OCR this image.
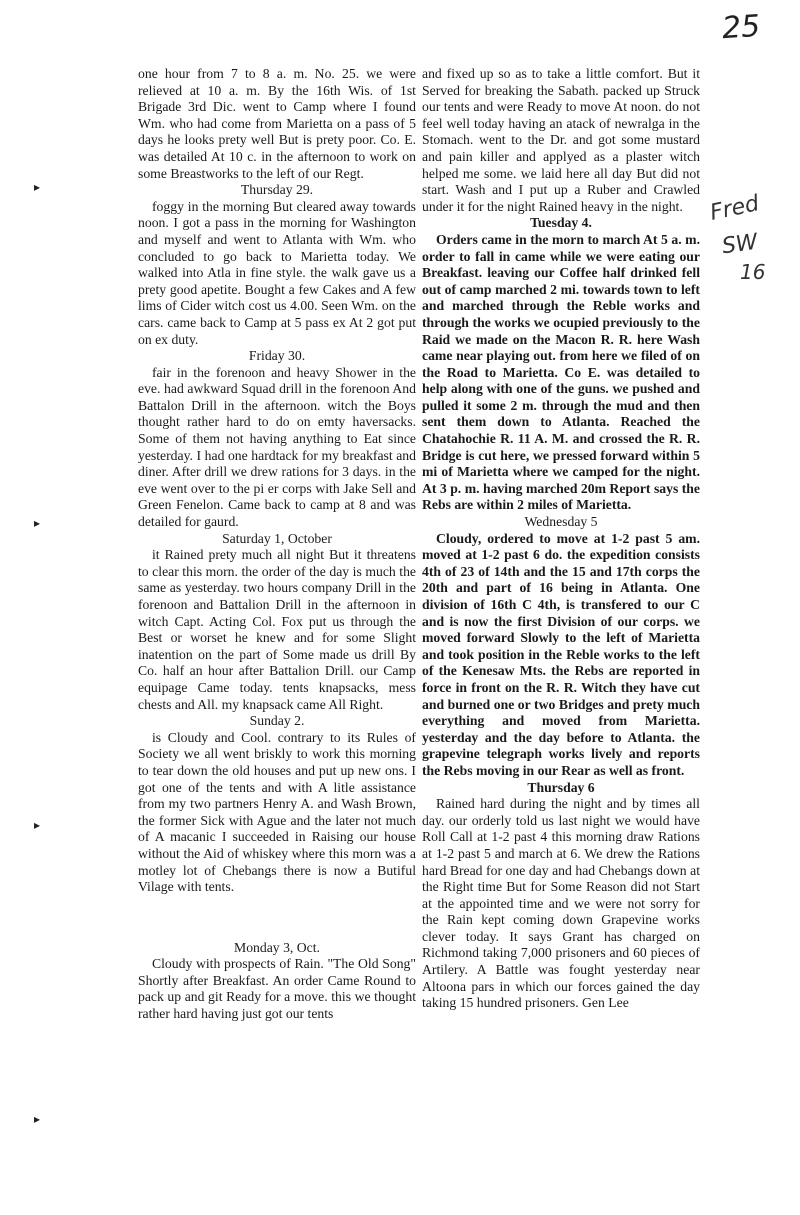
25
Fred
SW
16
▸
▸
▸
▸

one hour from 7 to 8 a. m. No. 25. we were relieved at 10 a. m. By the 16th Wis. of 1st Brigade 3rd Dic. went to Camp where I found Wm. who had come from Marietta on a pass of 5 days he looks prety well But is prety poor. Co. E. was detailed At 10 c. in the afternoon to work on some Breastworks to the left of our Regt.

Thursday 29.

foggy in the morning But cleared away towards noon. I got a pass in the morning for Washington and myself and went to Atlanta with Wm. who concluded to go back to Marietta today. We walked into Atla in fine style. the walk gave us a prety good apetite. Bought a few Cakes and A few lims of Cider witch cost us 4.00. Seen Wm. on the cars. came back to Camp at 5 pass ex At 2 got put on ex duty.

Friday 30.

fair in the forenoon and heavy Shower in the eve. had awkward Squad drill in the forenoon And Battalon Drill in the afternoon. witch the Boys thought rather hard to do on emty haversacks. Some of them not having anything to Eat since yesterday. I had one hardtack for my breakfast and diner. After drill we drew rations for 3 days. in the eve went over to the pi er corps with Jake Sell and Green Fenelon. Came back to camp at 8 and was detailed for gaurd.

Saturday 1, October

it Rained prety much all night But it threatens to clear this morn. the order of the day is much the same as yesterday. two hours company Drill in the forenoon and Battalion Drill in the afternoon in witch Capt. Acting Col. Fox put us through the Best or worset he knew and for some Slight inatention on the part of Some made us drill By Co. half an hour after Battalion Drill. our Camp equipage Came today. tents knapsacks, mess chests and All. my knapsack came All Right.

Sunday 2.

is Cloudy and Cool. contrary to its Rules of Society we all went briskly to work this morning to tear down the old houses and put up new ons. I got one of the tents and with A litle assistance from my two partners Henry A. and Wash Brown, the former Sick with Ague and the later not much of A macanic I succeeded in Raising our house without the Aid of whiskey where this morn was a motley lot of Chebangs there is now a Butiful Vilage with tents.

Monday 3, Oct.

Cloudy with prospects of Rain. "The Old Song" Shortly after Breakfast. An order Came Round to pack up and git Ready for a move. this we thought rather hard having just got our tents

and fixed up so as to take a little comfort. But it Served for breaking the Sabath. packed up Struck our tents and were Ready to move At noon. do not feel well today having an atack of newralga in the Stomach. went to the Dr. and got some mustard and pain killer and applyed as a plaster witch helped me some. we laid here all day But did not start. Wash and I put up a Ruber and Crawled under it for the night Rained heavy in the night.

Tuesday 4.

Orders came in the morn to march At 5 a. m. order to fall in came while we were eating our Breakfast. leaving our Coffee half drinked fell out of camp marched 2 mi. towards town to left and marched through the Reble works and through the works we ocupied previously to the Raid we made on the Macon R. R. here Wash came near playing out. from here we filed of on the Road to Marietta. Co E. was detailed to help along with one of the guns. we pushed and pulled it some 2 m. through the mud and then sent them down to Atlanta. Reached the Chatahochie R. 11 A. M. and crossed the R. R. Bridge is cut here, we pressed forward within 5 mi of Marietta where we camped for the night. At 3 p. m. having marched 20m Report says the Rebs are within 2 miles of Marietta.

Wednesday 5

Cloudy, ordered to move at 1-2 past 5 am. moved at 1-2 past 6 do. the expedition consists 4th of 23 of 14th and the 15 and 17th corps the 20th and part of 16 being in Atlanta. One division of 16th C 4th, is transfered to our C and is now the first Division of our corps. we moved forward Slowly to the left of Marietta and took position in the Reble works to the left of the Kenesaw Mts. the Rebs are reported in force in front on the R. R. Witch they have cut and burned one or two Bridges and prety much everything and moved from Marietta. yesterday and the day before to Atlanta. the grapevine telegraph works lively and reports the Rebs moving in our Rear as well as front.

Thursday 6

Rained hard during the night and by times all day. our orderly told us last night we would have Roll Call at 1-2 past 4 this morning draw Rations at 1-2 past 5 and march at 6. We drew the Rations hard Bread for one day and had Chebangs down at the Right time But for Some Reason did not Start at the appointed time and we were not sorry for the Rain kept coming down Grapevine works clever today. It says Grant has charged on Richmond taking 7,000 prisoners and 60 pieces of Artilery. A Battle was fought yesterday near Altoona pars in which our forces gained the day taking 15 hundred prisoners. Gen Lee
